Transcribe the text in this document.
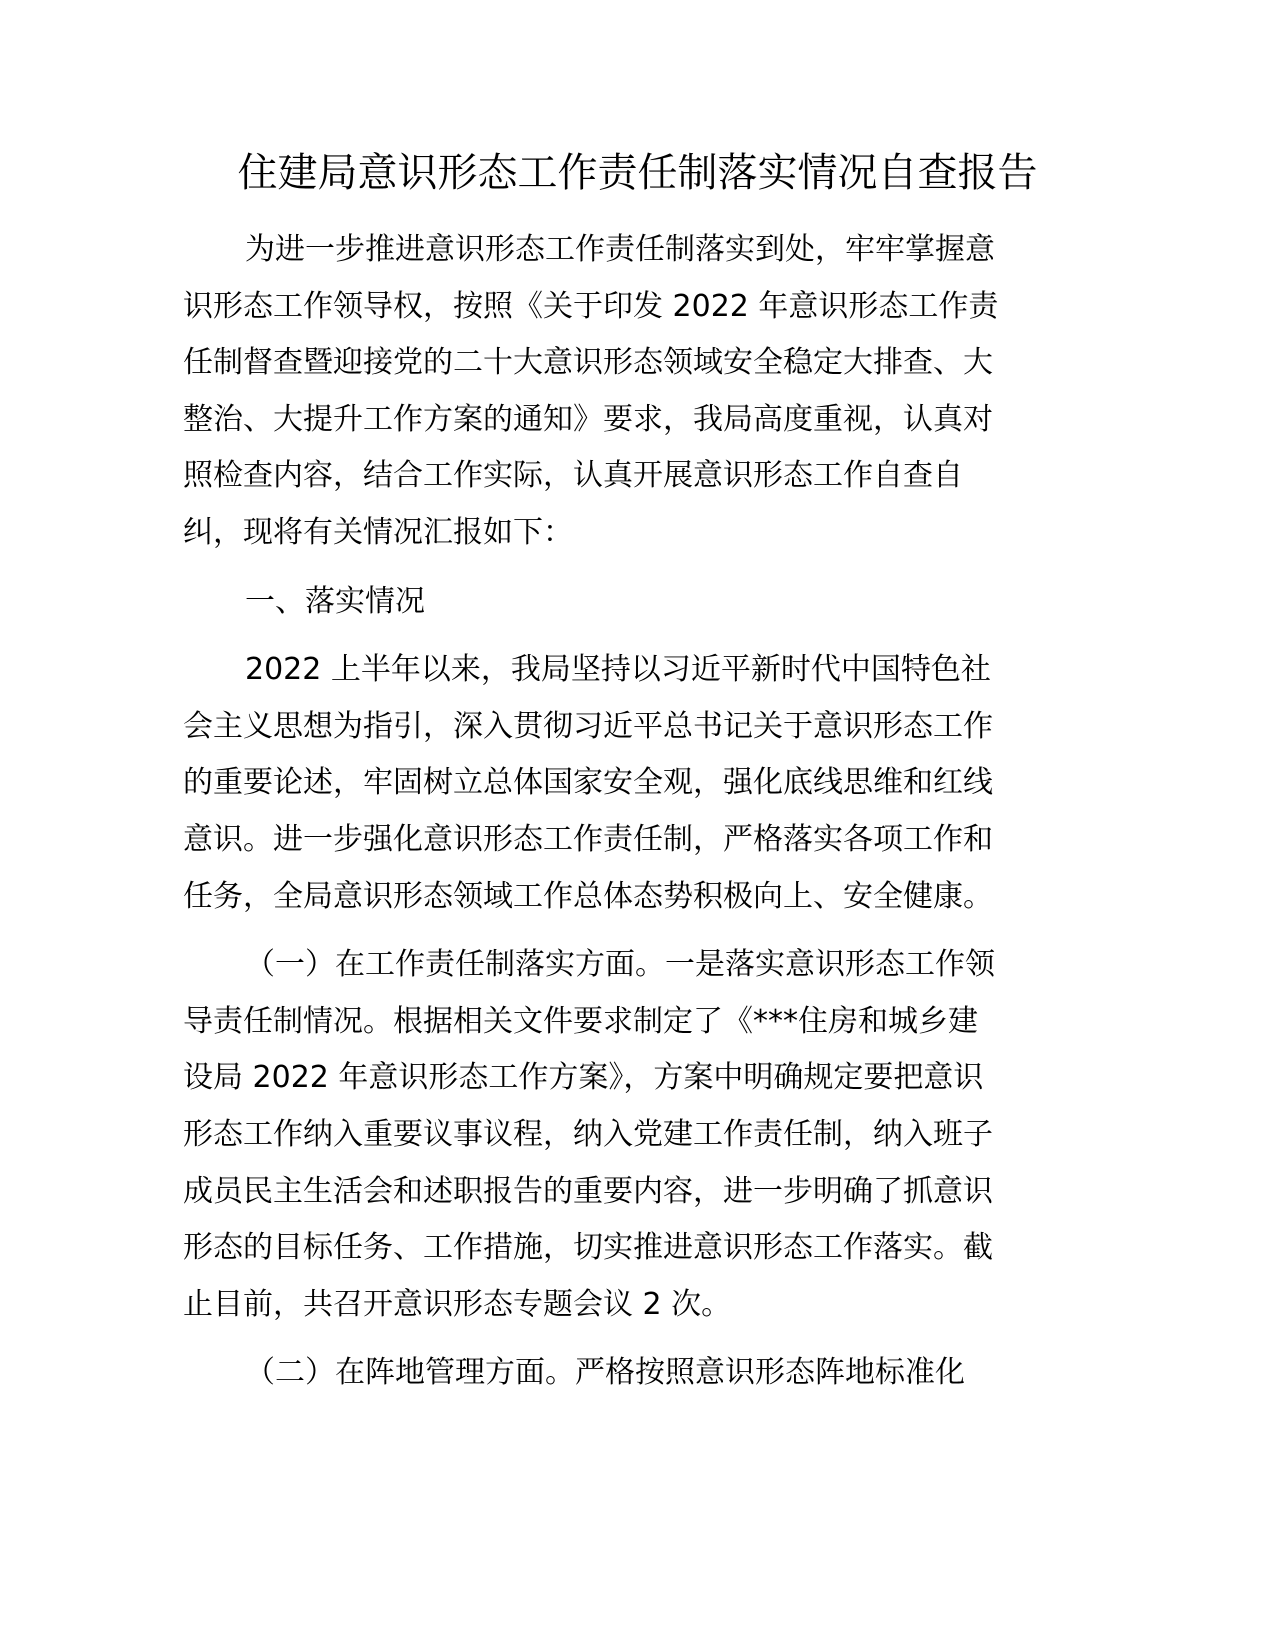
住建局意识形态工作责任制落实情况自查报告
为进一步推进意识形态工作责任制落实到处，牢牢掌握意
识形态工作领导权，按照《关于印发 2022 年意识形态工作责
任制督查暨迎接党的二十大意识形态领域安全稳定大排查、大
整治、大提升工作方案的通知》要求，我局高度重视，认真对
照检查内容，结合工作实际，认真开展意识形态工作自查自
纠，现将有关情况汇报如下：
一、落实情况
2022 上半年以来，我局坚持以习近平新时代中国特色社
会主义思想为指引，深入贯彻习近平总书记关于意识形态工作
的重要论述，牢固树立总体国家安全观，强化底线思维和红线
意识。进一步强化意识形态工作责任制，严格落实各项工作和
任务，全局意识形态领域工作总体态势积极向上、安全健康。
（一）在工作责任制落实方面。一是落实意识形态工作领
导责任制情况。根据相关文件要求制定了《***住房和城乡建
设局 2022 年意识形态工作方案》，方案中明确规定要把意识
形态工作纳入重要议事议程，纳入党建工作责任制，纳入班子
成员民主生活会和述职报告的重要内容，进一步明确了抓意识
形态的目标任务、工作措施，切实推进意识形态工作落实。截
止目前，共召开意识形态专题会议 2 次。
（二）在阵地管理方面。严格按照意识形态阵地标准化
